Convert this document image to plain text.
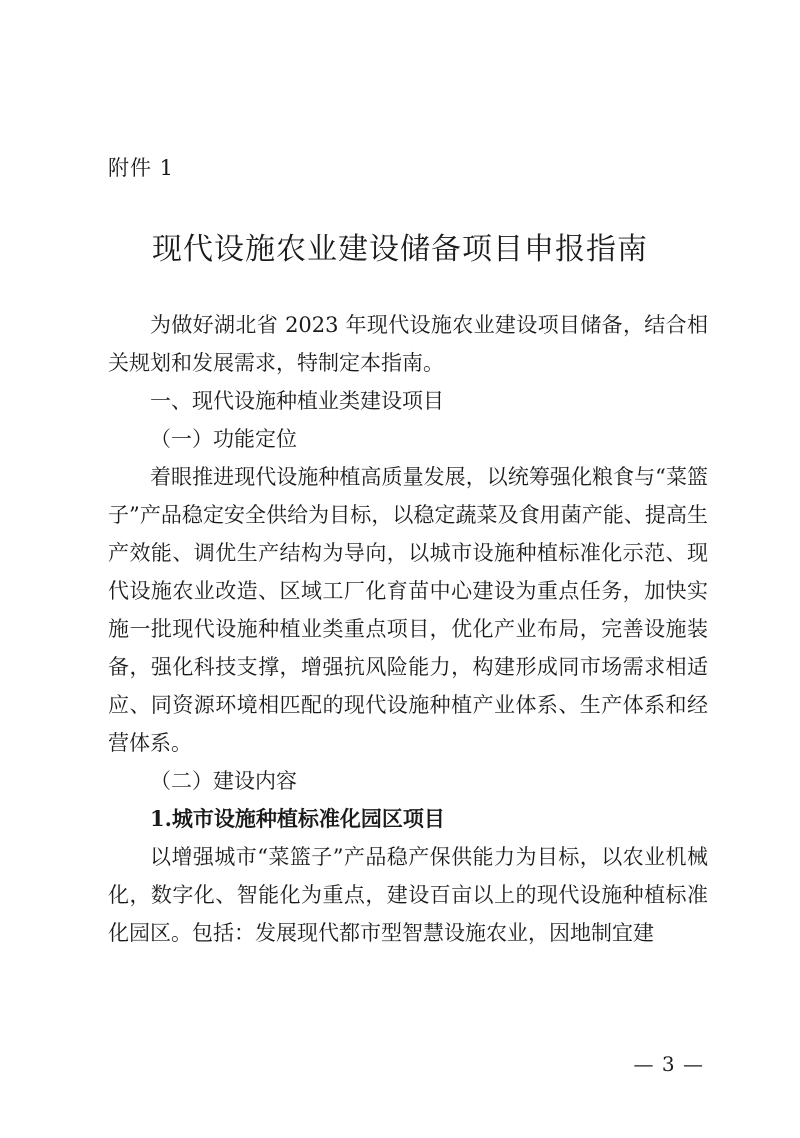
附件 1
现代设施农业建设储备项目申报指南

为做好湖北省 2023 年现代设施农业建设项目储备，结合相关规划和发展需求，特制定本指南。

一、现代设施种植业类建设项目

（一）功能定位

着眼推进现代设施种植高质量发展，以统筹强化粮食与“菜篮子”产品稳定安全供给为目标，以稳定蔬菜及食用菌产能、提高生产效能、调优生产结构为导向，以城市设施种植标准化示范、现代设施农业改造、区域工厂化育苗中心建设为重点任务，加快实施一批现代设施种植业类重点项目，优化产业布局，完善设施装备，强化科技支撑，增强抗风险能力，构建形成同市场需求相适应、同资源环境相匹配的现代设施种植产业体系、生产体系和经营体系。

（二）建设内容

1.城市设施种植标准化园区项目

以增强城市“菜篮子”产品稳产保供能力为目标，以农业机械化，数字化、智能化为重点，建设百亩以上的现代设施种植标准化园区。包括：发展现代都市型智慧设施农业，因地制宜建

— 3 —
